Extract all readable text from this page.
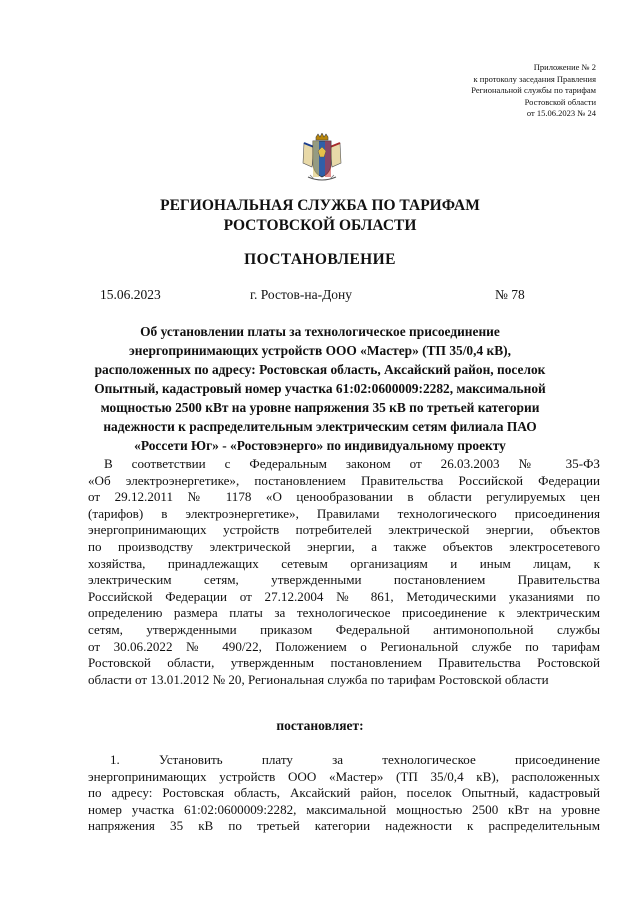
Приложение № 2
к протоколу заседания Правления
Региональной службы по тарифам
Ростовской области
от 15.06.2023 № 24
РЕГИОНАЛЬНАЯ СЛУЖБА ПО ТАРИФАМ
РОСТОВСКОЙ ОБЛАСТИ
ПОСТАНОВЛЕНИЕ
15.06.2023	г. Ростов-на-Дону	№ 78
Об установлении платы за технологическое присоединение
энергопринимающих устройств ООО «Мастер» (ТП 35/0,4 кВ),
расположенных по адресу: Ростовская область, Аксайский район, поселок
Опытный, кадастровый номер участка 61:02:0600009:2282, максимальной
мощностью 2500 кВт на уровне напряжения 35 кВ по третьей категории
надежности к распределительным электрическим сетям филиала ПАО
«Россети Юг» - «Ростовэнерго» по индивидуальному проекту
В соответствии с Федеральным законом от 26.03.2003 № 35-ФЗ
«Об электроэнергетике», постановлением Правительства Российской Федерации
от 29.12.2011 № 1178 «О ценообразовании в области регулируемых цен
(тарифов) в электроэнергетике», Правилами технологического присоединения
энергопринимающих устройств потребителей электрической энергии, объектов
по производству электрической энергии, а также объектов электросетевого
хозяйства, принадлежащих сетевым организациям и иным лицам, к
электрическим сетям, утвержденными постановлением Правительства
Российской Федерации от 27.12.2004 № 861, Методическими указаниями по
определению размера платы за технологическое присоединение к электрическим
сетям, утвержденными приказом Федеральной антимонопольной службы
от 30.06.2022 № 490/22, Положением о Региональной службе по тарифам
Ростовской области, утвержденным постановлением Правительства Ростовской
области от 13.01.2012 № 20, Региональная служба по тарифам Ростовской области
постановляет:
1. Установить плату за технологическое присоединение
энергопринимающих устройств ООО «Мастер» (ТП 35/0,4 кВ), расположенных
по адресу: Ростовская область, Аксайский район, поселок Опытный, кадастровый
номер участка 61:02:0600009:2282, максимальной мощностью 2500 кВт на уровне
напряжения 35 кВ по третьей категории надежности к распределительным
